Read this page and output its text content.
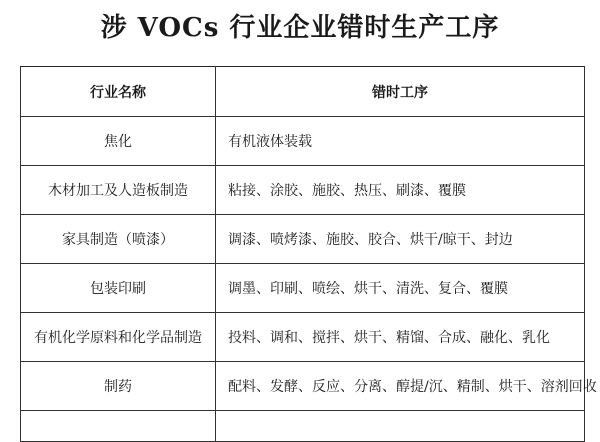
涉 VOCs 行业企业错时生产工序
行业名称	错时工序
焦化	有机液体装载
木材加工及人造板制造	粘接、涂胶、施胶、热压、刷漆、覆膜
家具制造（喷漆）	调漆、喷烤漆、施胶、胶合、烘干/晾干、封边
包装印刷	调墨、印刷、喷绘、烘干、清洗、复合、覆膜
有机化学原料和化学品制造	投料、调和、搅拌、烘干、精馏、合成、融化、乳化
制药	配料、发酵、反应、分离、醇提/沉、精制、烘干、溶剂回收
